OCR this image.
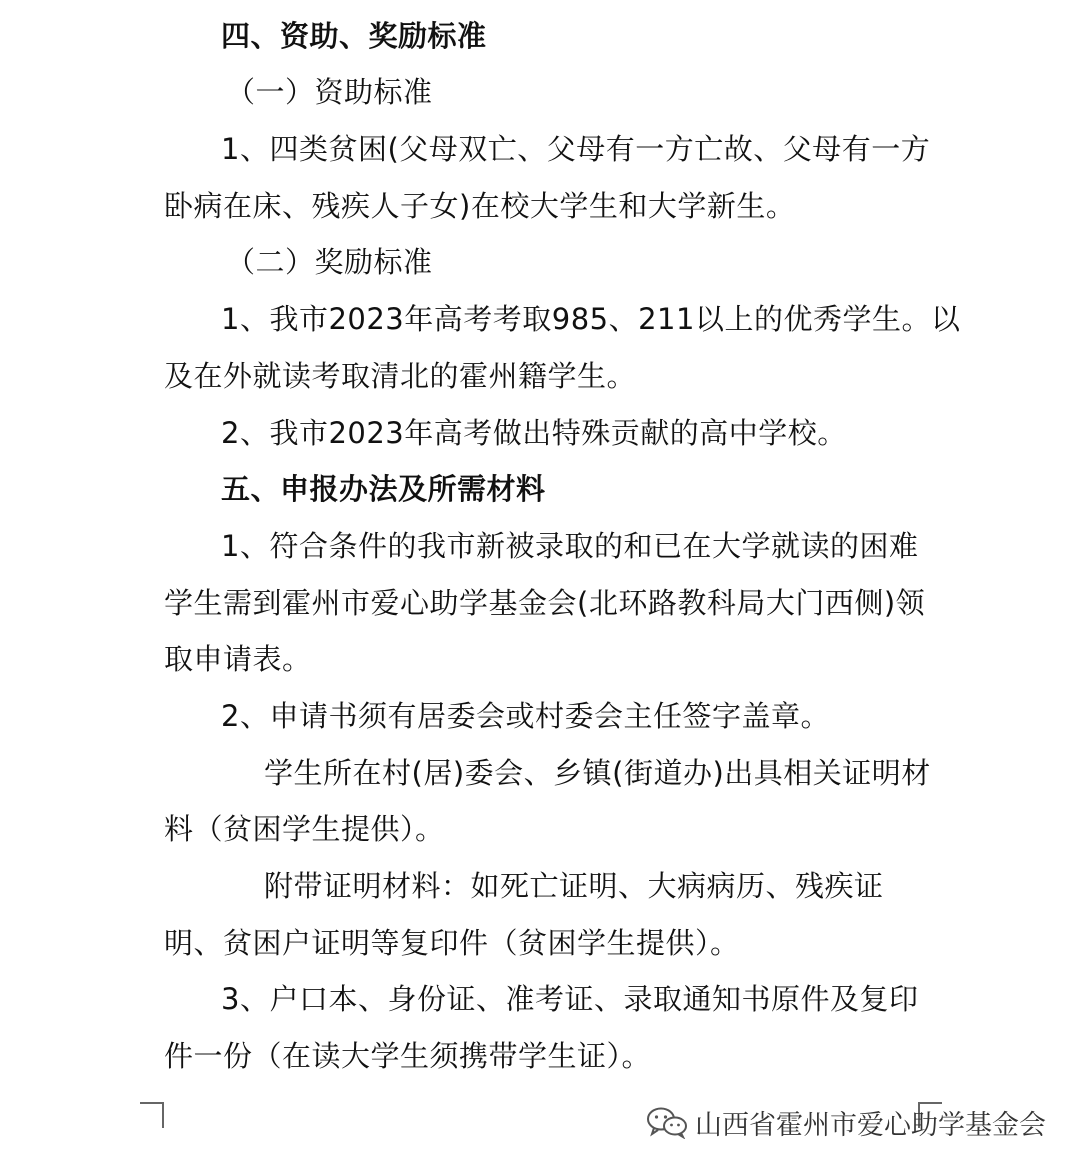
四、资助、奖励标准
（一）资助标准
1、四类贫困(父母双亡、父母有一方亡故、父母有一方
卧病在床、残疾人子女)在校大学生和大学新生。
（二）奖励标准
1、我市2023年高考考取985、211以上的优秀学生。以
及在外就读考取清北的霍州籍学生。
2、我市2023年高考做出特殊贡献的高中学校。
五、申报办法及所需材料
1、符合条件的我市新被录取的和已在大学就读的困难
学生需到霍州市爱心助学基金会(北环路教科局大门西侧)领
取申请表。
2、申请书须有居委会或村委会主任签字盖章。
学生所在村(居)委会、乡镇(街道办)出具相关证明材
料（贫困学生提供）。
附带证明材料：如死亡证明、大病病历、残疾证
明、贫困户证明等复印件（贫困学生提供）。
3、户口本、身份证、准考证、录取通知书原件及复印
件一份（在读大学生须携带学生证）。
山西省霍州市爱心助学基金会
